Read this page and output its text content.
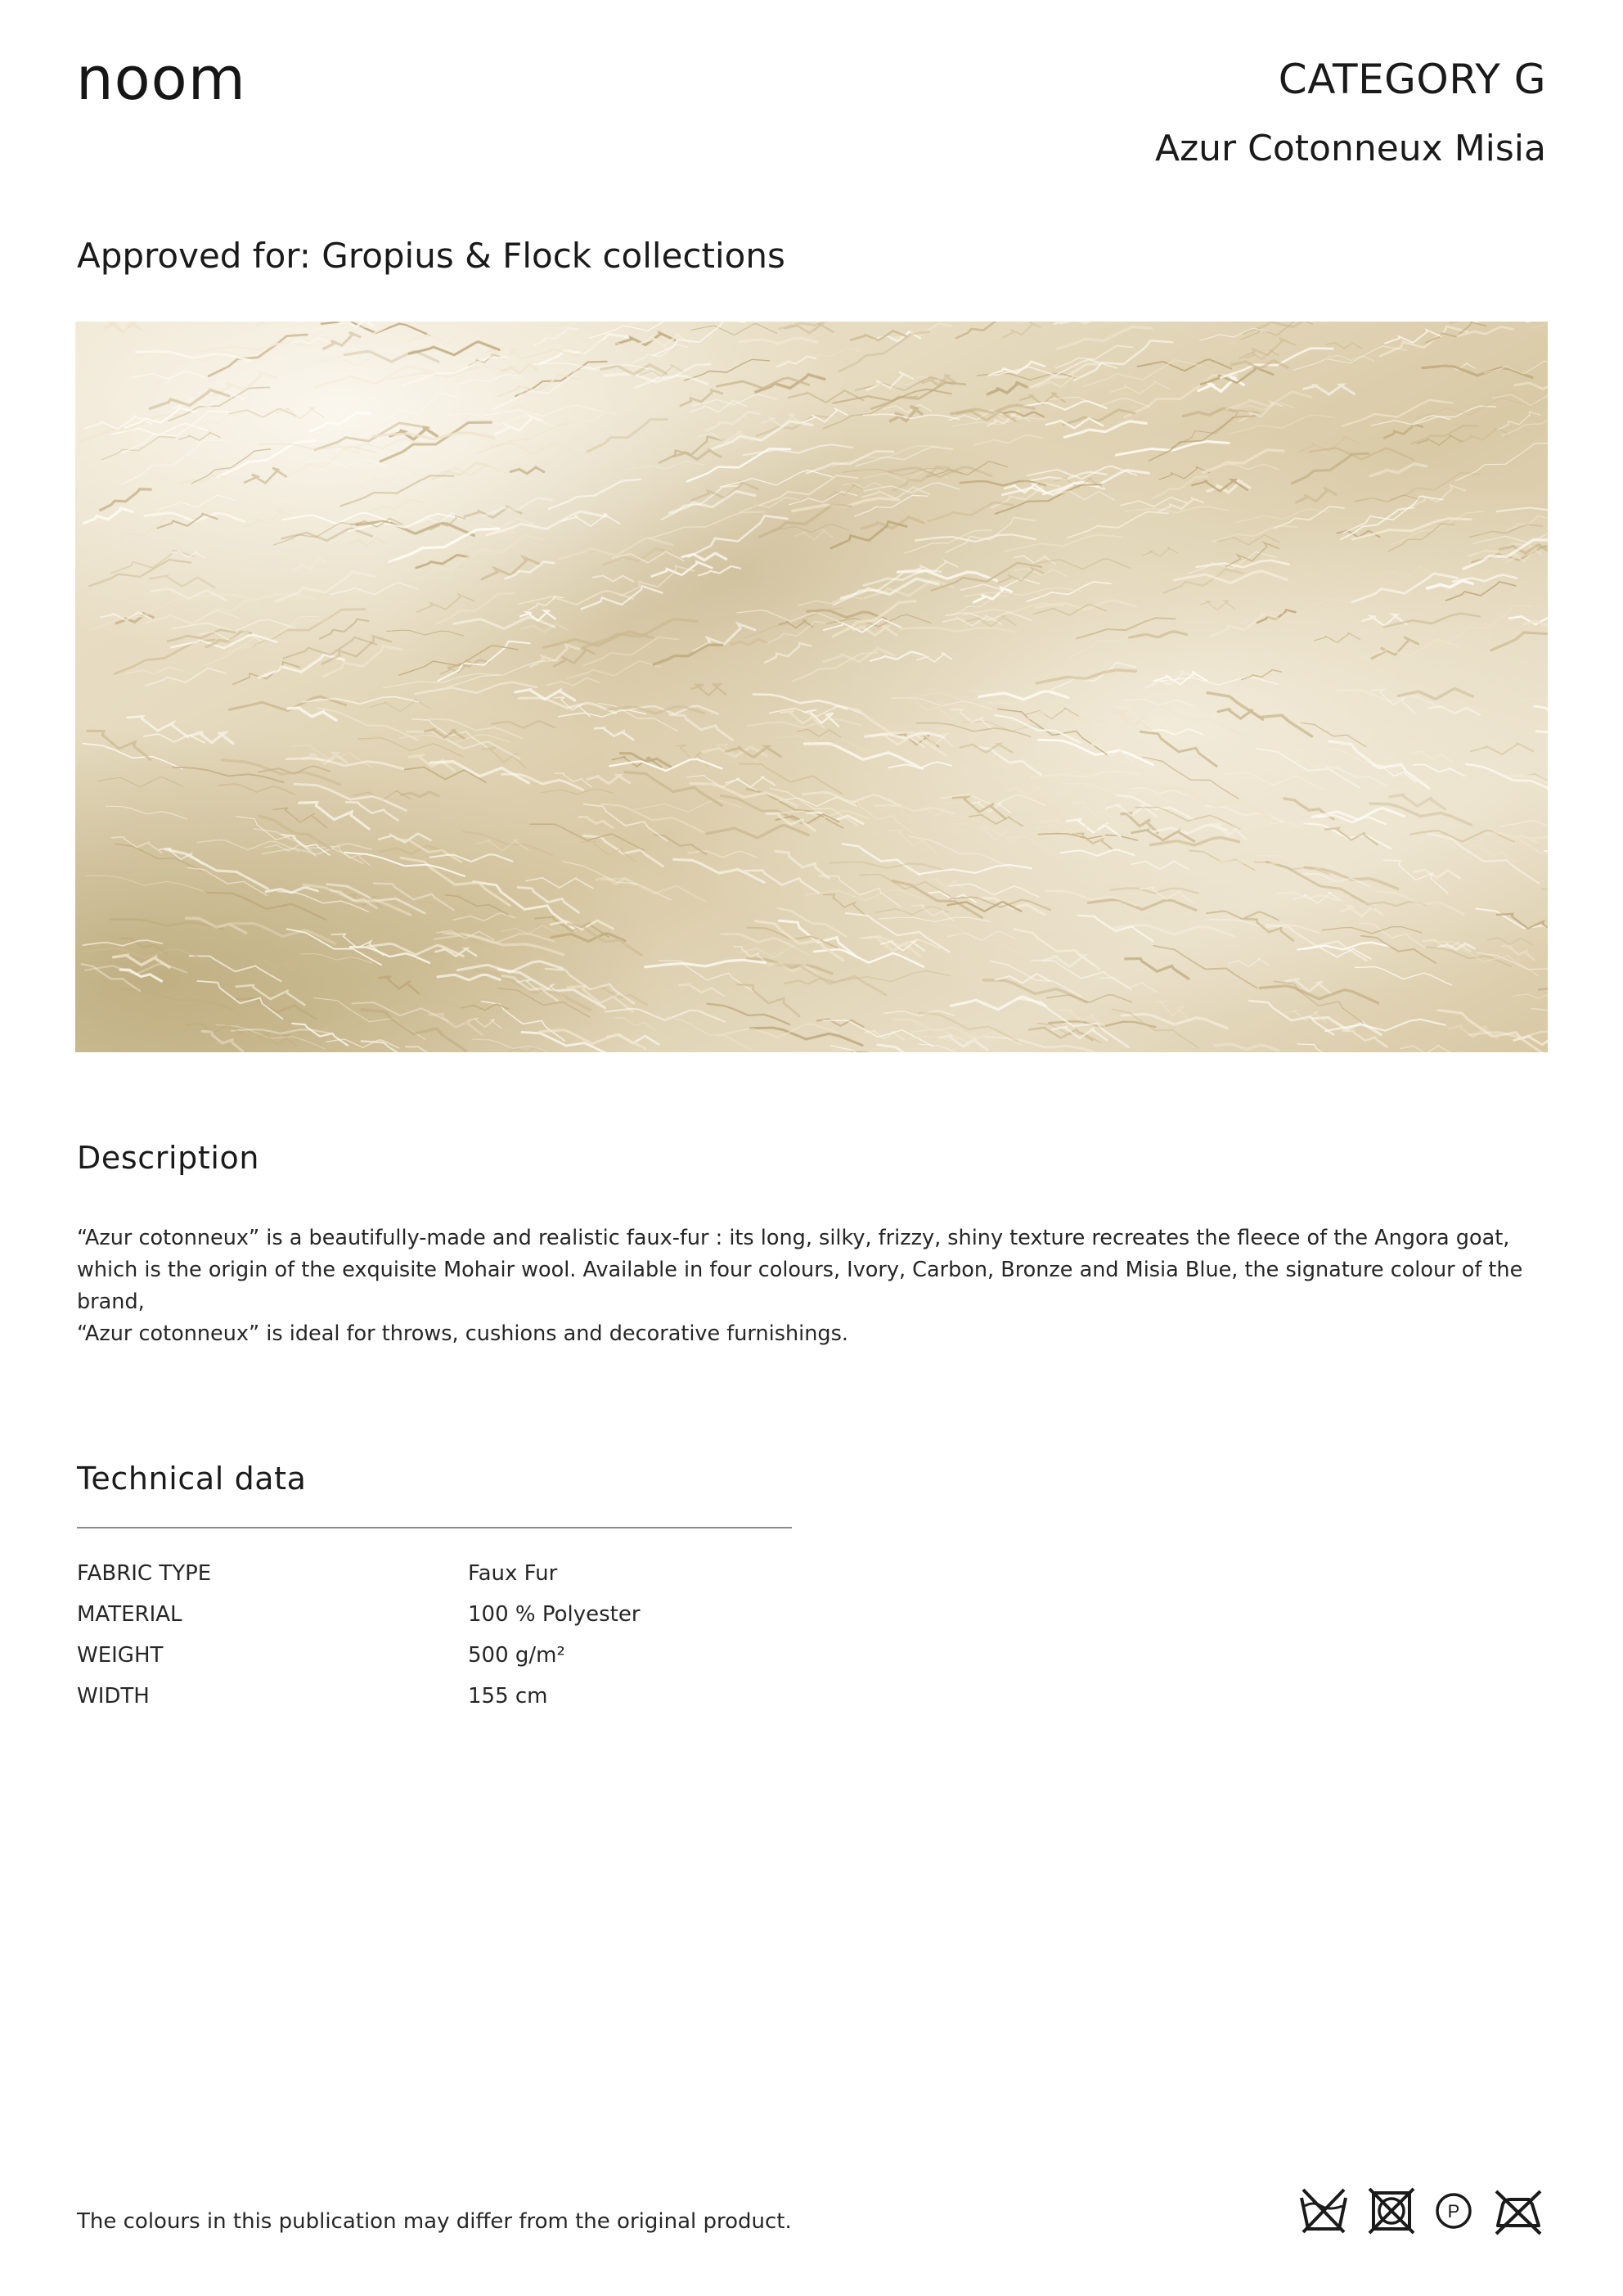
noom	CATEGORY G
Azur Cotonneux Misia
Approved for: Gropius & Flock collections
Description

“Azur cotonneux” is a beautifully-made and realistic faux-fur : its long, silky, frizzy, shiny texture recreates the fleece of the Angora goat,

which is the origin of the exquisite Mohair wool. Available in four colours, Ivory, Carbon, Bronze and Misia Blue, the signature colour of the brand,

“Azur cotonneux” is ideal for throws, cushions and decorative furnishings.

Technical data
FABRIC TYPE	Faux Fur
MATERIAL	100 % Polyester
WEIGHT	500 g/m²
WIDTH	155 cm
The colours in this publication may differ from the original product.	P
